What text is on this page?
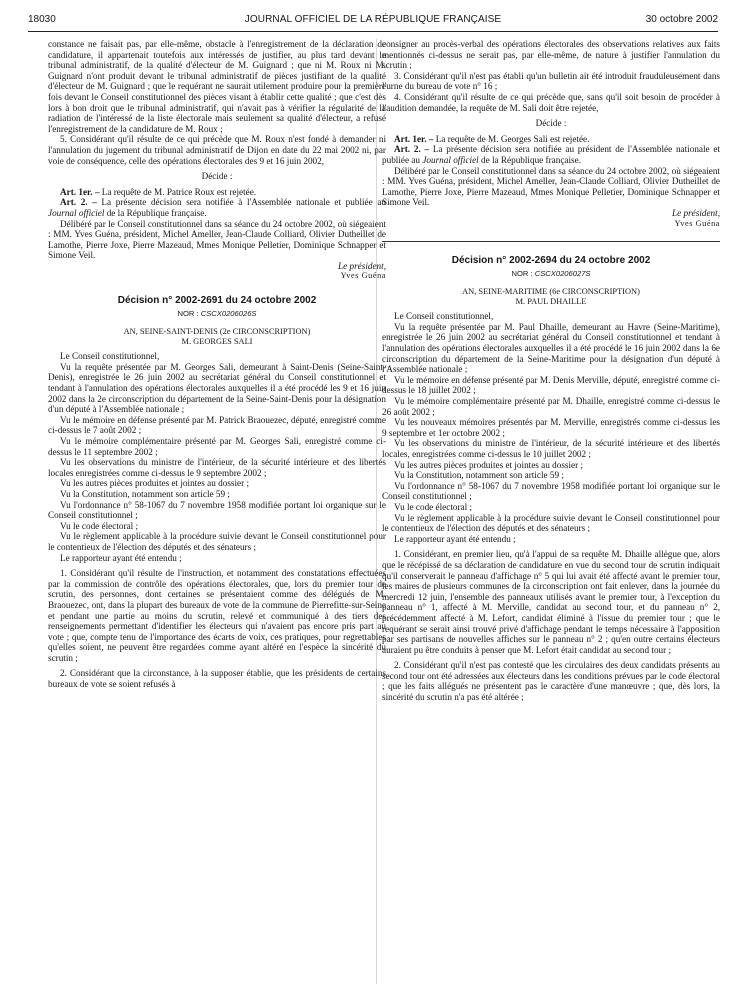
18030	JOURNAL OFFICIEL DE LA RÉPUBLIQUE FRANÇAISE	30 octobre 2002

constance ne faisait pas, par elle-même, obstacle à l'enregistrement de la déclaration de candidature, il appartenait toutefois aux intéressés de justifier, au plus tard devant le tribunal administratif, de la qualité d'électeur de M. Guignard ; que ni M. Roux ni M. Guignard n'ont produit devant le tribunal administratif de pièces justifiant de la qualité d'électeur de M. Guignard ; que le requérant ne saurait utilement produire pour la première fois devant le Conseil constitutionnel des pièces visant à établir cette qualité ; que c'est dès lors à bon droit que le tribunal administratif, qui n'avait pas à vérifier la régularité de la radiation de l'intéressé de la liste électorale mais seulement sa qualité d'électeur, a refusé l'enregistrement de la candidature de M. Roux ;

5. Considérant qu'il résulte de ce qui précède que M. Roux n'est fondé à demander ni l'annulation du jugement du tribunal administratif de Dijon en date du 22 mai 2002 ni, par voie de conséquence, celle des opérations électorales des 9 et 16 juin 2002,

Décide :

Art. 1er. – La requête de M. Patrice Roux est rejetée.

Art. 2. – La présente décision sera notifiée à l'Assemblée nationale et publiée au Journal officiel de la République française.

Délibéré par le Conseil constitutionnel dans sa séance du 24 octobre 2002, où siégeaient : MM. Yves Guéna, président, Michel Ameller, Jean-Claude Colliard, Olivier Dutheillet de Lamothe, Pierre Joxe, Pierre Mazeaud, Mmes Monique Pelletier, Dominique Schnapper et Simone Veil.

Le président,

Yves Guéna

Décision n° 2002-2691 du 24 octobre 2002
NOR : CSCX0206026S
AN, SEINE-SAINT-DENIS (2e CIRCONSCRIPTION)
M. GEORGES SALI

Le Conseil constitutionnel,

Vu la requête présentée par M. Georges Sali, demeurant à Saint-Denis (Seine-Saint-Denis), enregistrée le 26 juin 2002 au secrétariat général du Conseil constitutionnel et tendant à l'annulation des opérations électorales auxquelles il a été procédé les 9 et 16 juin 2002 dans la 2e circonscription du département de la Seine-Saint-Denis pour la désignation d'un député à l'Assemblée nationale ;

Vu le mémoire en défense présenté par M. Patrick Braouezec, député, enregistré comme ci-dessus le 7 août 2002 ;

Vu le mémoire complémentaire présenté par M. Georges Sali, enregistré comme ci-dessus le 11 septembre 2002 ;

Vu les observations du ministre de l'intérieur, de la sécurité intérieure et des libertés locales enregistrées comme ci-dessus le 9 septembre 2002 ;

Vu les autres pièces produites et jointes au dossier ;

Vu la Constitution, notamment son article 59 ;

Vu l'ordonnance n° 58-1067 du 7 novembre 1958 modifiée portant loi organique sur le Conseil constitutionnel ;

Vu le code électoral ;

Vu le règlement applicable à la procédure suivie devant le Conseil constitutionnel pour le contentieux de l'élection des députés et des sénateurs ;

Le rapporteur ayant été entendu ;

1. Considérant qu'il résulte de l'instruction, et notamment des constatations effectuées par la commission de contrôle des opérations électorales, que, lors du premier tour de scrutin, des personnes, dont certaines se présentaient comme des délégués de M. Braouezec, ont, dans la plupart des bureaux de vote de la commune de Pierrefitte-sur-Seine et pendant une partie au moins du scrutin, relevé et communiqué à des tiers des renseignements permettant d'identifier les électeurs qui n'avaient pas encore pris part au vote ; que, compte tenu de l'importance des écarts de voix, ces pratiques, pour regrettables qu'elles soient, ne peuvent être regardées comme ayant altéré en l'espèce la sincérité du scrutin ;

2. Considérant que la circonstance, à la supposer établie, que les présidents de certains bureaux de vote se soient refusés à

consigner au procès-verbal des opérations électorales des observations relatives aux faits mentionnés ci-dessus ne serait pas, par elle-même, de nature à justifier l'annulation du scrutin ;

3. Considérant qu'il n'est pas établi qu'un bulletin ait été introduit frauduleusement dans l'urne du bureau de vote n° 16 ;

4. Considérant qu'il résulte de ce qui précède que, sans qu'il soit besoin de procéder à l'audition demandée, la requête de M. Sali doit être rejetée,

Décide :

Art. 1er. – La requête de M. Georges Sali est rejetée.

Art. 2. – La présente décision sera notifiée au président de l'Assemblée nationale et publiée au Journal officiel de la République française.

Délibéré par le Conseil constitutionnel dans sa séance du 24 octobre 2002, où siégeaient : MM. Yves Guéna, président, Michel Ameller, Jean-Claude Colliard, Olivier Dutheillet de Lamothe, Pierre Joxe, Pierre Mazeaud, Mmes Monique Pelletier, Dominique Schnapper et Simone Veil.

Le président,

Yves Guéna

Décision n° 2002-2694 du 24 octobre 2002
NOR : CSCX0206027S
AN, SEINE-MARITIME (6e CIRCONSCRIPTION)
M. PAUL DHAILLE

Le Conseil constitutionnel,

Vu la requête présentée par M. Paul Dhaille, demeurant au Havre (Seine-Maritime), enregistrée le 26 juin 2002 au secrétariat général du Conseil constitutionnel et tendant à l'annulation des opérations électorales auxquelles il a été procédé le 16 juin 2002 dans la 6e circonscription du département de la Seine-Maritime pour la désignation d'un député à l'Assemblée nationale ;

Vu le mémoire en défense présenté par M. Denis Merville, député, enregistré comme ci-dessus le 18 juillet 2002 ;

Vu le mémoire complémentaire présenté par M. Dhaille, enregistré comme ci-dessus le 26 août 2002 ;

Vu les nouveaux mémoires présentés par M. Merville, enregistrés comme ci-dessus les 9 septembre et 1er octobre 2002 ;

Vu les observations du ministre de l'intérieur, de la sécurité intérieure et des libertés locales, enregistrées comme ci-dessus le 10 juillet 2002 ;

Vu les autres pièces produites et jointes au dossier ;

Vu la Constitution, notamment son article 59 ;

Vu l'ordonnance n° 58-1067 du 7 novembre 1958 modifiée portant loi organique sur le Conseil constitutionnel ;

Vu le code électoral ;

Vu le règlement applicable à la procédure suivie devant le Conseil constitutionnel pour le contentieux de l'élection des députés et des sénateurs ;

Le rapporteur ayant été entendu ;

1. Considérant, en premier lieu, qu'à l'appui de sa requête M. Dhaille allègue que, alors que le récépissé de sa déclaration de candidature en vue du second tour de scrutin indiquait qu'il conserverait le panneau d'affichage n° 5 qui lui avait été affecté avant le premier tour, les maires de plusieurs communes de la circonscription ont fait enlever, dans la journée du mercredi 12 juin, l'ensemble des panneaux utilisés avant le premier tour, à l'exception du panneau n° 1, affecté à M. Merville, candidat au second tour, et du panneau n° 2, précédemment affecté à M. Lefort, candidat éliminé à l'issue du premier tour ; que le requérant se serait ainsi trouvé privé d'affichage pendant le temps nécessaire à l'apposition par ses partisans de nouvelles affiches sur le panneau n° 2 ; qu'en outre certains électeurs auraient pu être conduits à penser que M. Lefort était candidat au second tour ;

2. Considérant qu'il n'est pas contesté que les circulaires des deux candidats présents au second tour ont été adressées aux électeurs dans les conditions prévues par le code électoral ; que les faits allégués ne présentent pas le caractère d'une manœuvre ; que, dès lors, la sincérité du scrutin n'a pas été altérée ;
